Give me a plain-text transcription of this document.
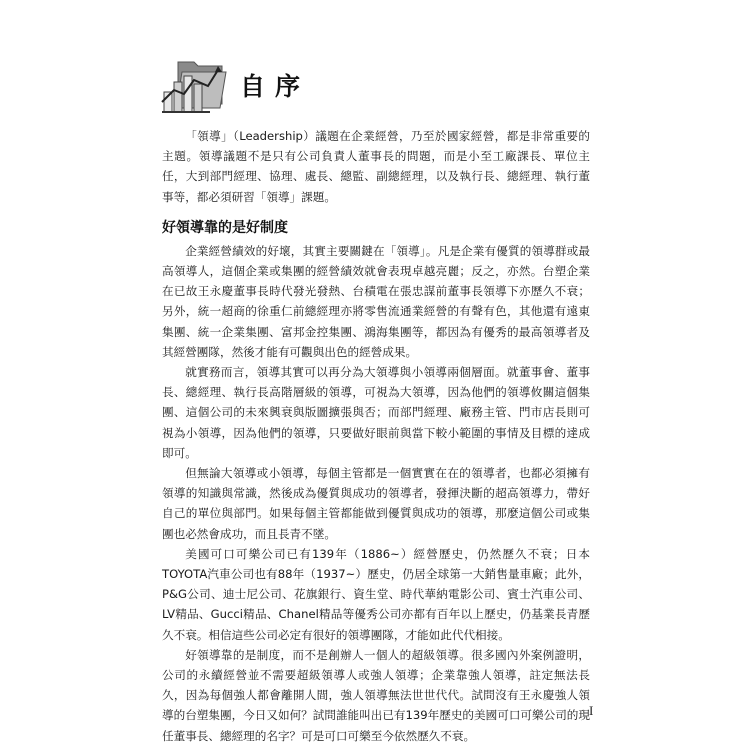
自序

「領導」（Leadership）議題在企業經營，乃至於國家經營，都是非常重要的主題。領導議題不是只有公司負責人董事長的問題，而是小至工廠課長、單位主任，大到部門經理、協理、處長、總監、副總經理，以及執行長、總經理、執行董事等，都必須研習「領導」課題。

好領導靠的是好制度

企業經營績效的好壞，其實主要關鍵在「領導」。凡是企業有優質的領導群或最高領導人，這個企業或集團的經營績效就會表現卓越亮麗；反之，亦然。台塑企業在已故王永慶董事長時代發光發熱、台積電在張忠謀前董事長領導下亦歷久不衰；另外，統一超商的徐重仁前總經理亦將零售流通業經營的有聲有色，其他還有遠東集團、統一企業集團、富邦金控集團、鴻海集團等，都因為有優秀的最高領導者及其經營團隊，然後才能有可觀與出色的經營成果。

就實務而言，領導其實可以再分為大領導與小領導兩個層面。就董事會、董事長、總經理、執行長高階層級的領導，可視為大領導，因為他們的領導攸關這個集團、這個公司的未來興衰與版圖擴張與否；而部門經理、廠務主管、門市店長則可視為小領導，因為他們的領導，只要做好眼前與當下較小範圍的事情及目標的達成即可。

但無論大領導或小領導，每個主管都是一個實實在在的領導者，也都必須擁有領導的知識與常識，然後成為優質與成功的領導者，發揮決斷的超高領導力，帶好自己的單位與部門。如果每個主管都能做到優質與成功的領導，那麼這個公司或集團也必然會成功，而且長青不墜。

美國可口可樂公司已有139年（1886~）經營歷史，仍然歷久不衰；日本TOYOTA汽車公司也有88年（1937~）歷史，仍居全球第一大銷售量車廠；此外，P&G公司、迪士尼公司、花旗銀行、資生堂、時代華納電影公司、賓士汽車公司、LV精品、Gucci精品、Chanel精品等優秀公司亦都有百年以上歷史，仍基業長青歷久不衰。相信這些公司必定有很好的領導團隊，才能如此代代相接。

好領導靠的是制度，而不是創辦人一個人的超級領導。很多國內外案例證明，公司的永續經營並不需要超級領導人或強人領導；企業靠強人領導，註定無法長久，因為每個強人都會離開人間，強人領導無法世世代代。試問沒有王永慶強人領導的台塑集團，今日又如何？試問誰能叫出已有139年歷史的美國可口可樂公司的現任董事長、總經理的名字？可是可口可樂至今依然歷久不衰。

I
